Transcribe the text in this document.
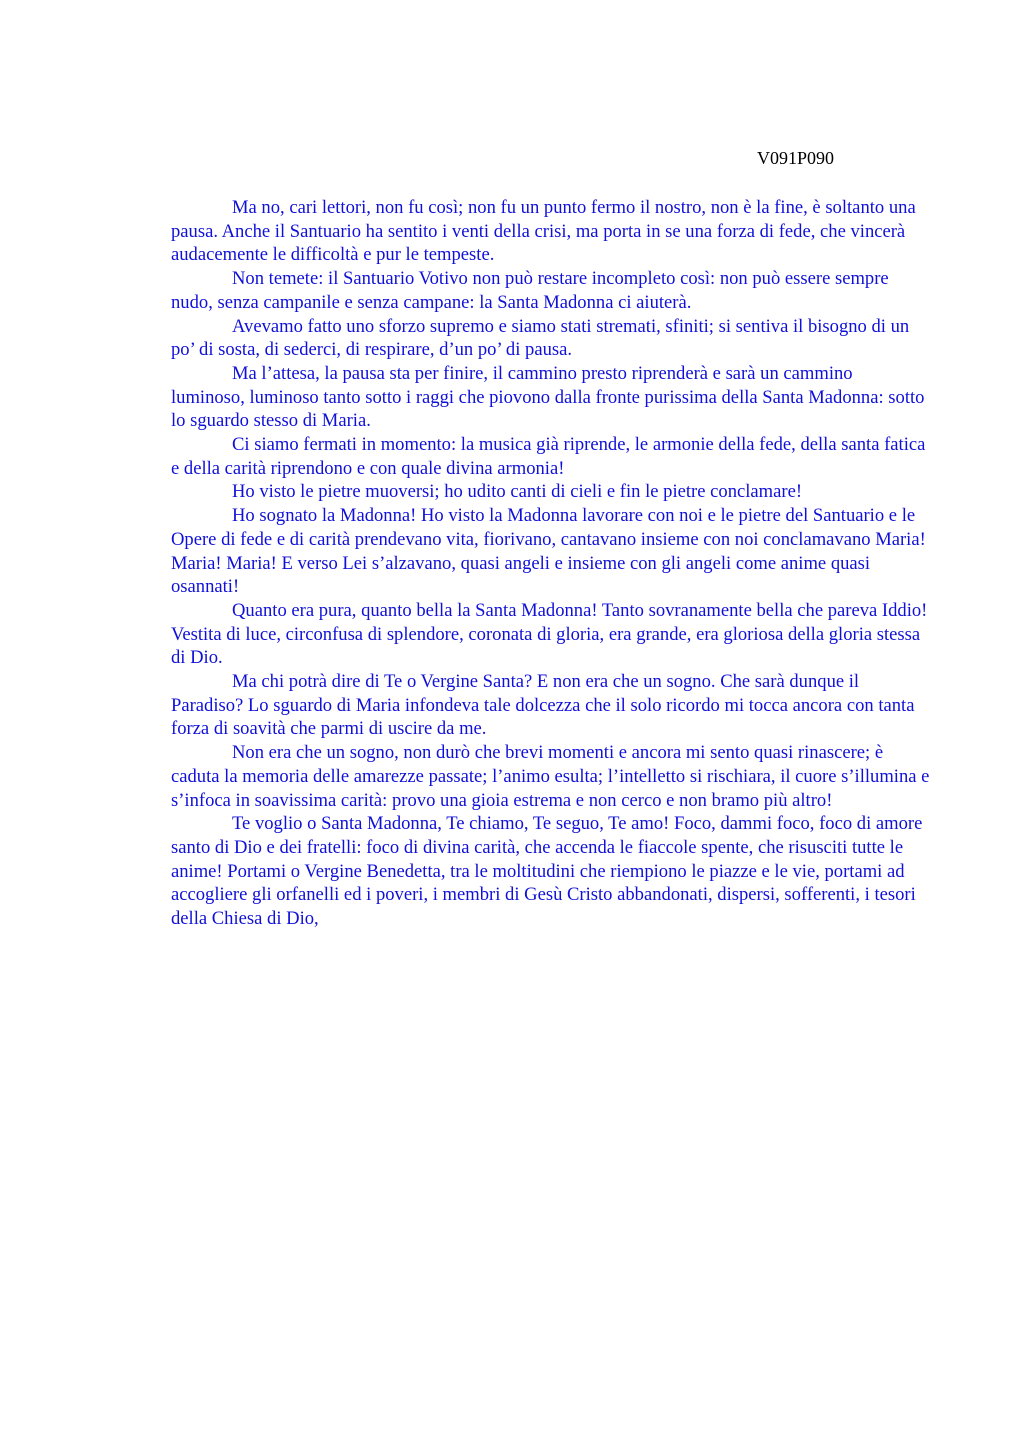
V091P090

Ma no, cari lettori, non fu così; non fu un punto fermo il nostro, non è la fine, è soltanto una pausa. Anche il Santuario ha sentito i venti della crisi, ma porta in se una forza di fede, che vincerà audacemente le difficoltà e pur le tempeste.

Non temete: il Santuario Votivo non può restare incompleto così: non può essere sempre nudo, senza campanile e senza campane: la Santa Madonna ci aiuterà.

Avevamo fatto uno sforzo supremo e siamo stati stremati, sfiniti; si sentiva il bisogno di un po’ di sosta, di sederci, di respirare, d’un po’ di pausa.

Ma l’attesa, la pausa sta per finire, il cammino presto riprenderà e sarà un cammino luminoso, luminoso tanto sotto i raggi che piovono dalla fronte purissima della Santa Madonna: sotto lo sguardo stesso di Maria.

Ci siamo fermati in momento: la musica già riprende, le armonie della fede, della santa fatica e della carità riprendono e con quale divina armonia!

Ho visto le pietre muoversi; ho udito canti di cieli e fin le pietre conclamare!

Ho sognato la Madonna! Ho visto la Madonna lavorare con noi e le pietre del Santuario e le Opere di fede e di carità prendevano vita, fiorivano, cantavano insieme con noi conclamavano Maria! Maria! Maria! E verso Lei s’alzavano, quasi angeli e insieme con gli angeli come anime quasi osannati!

Quanto era pura, quanto bella la Santa Madonna! Tanto sovranamente bella che pareva Iddio! Vestita di luce, circonfusa di splendore, coronata di gloria, era grande, era gloriosa della gloria stessa di Dio.

Ma chi potrà dire di Te o Vergine Santa? E non era che un sogno. Che sarà dunque il Paradiso? Lo sguardo di Maria infondeva tale dolcezza che il solo ricordo mi tocca ancora con tanta forza di soavità che parmi di uscire da me.

Non era che un sogno, non durò che brevi momenti e ancora mi sento quasi rinascere; è caduta la memoria delle amarezze passate; l’animo esulta; l’intelletto si rischiara, il cuore s’illumina e s’infoca in soavissima carità: provo una gioia estrema e non cerco e non bramo più altro!

Te voglio o Santa Madonna, Te chiamo, Te seguo, Te amo! Foco, dammi foco, foco di amore santo di Dio e dei fratelli: foco di divina carità, che accenda le fiaccole spente, che risusciti tutte le anime! Portami o Vergine Benedetta, tra le moltitudini che riempiono le piazze e le vie, portami ad accogliere gli orfanelli ed i poveri, i membri di Gesù Cristo abbandonati, dispersi, sofferenti, i tesori della Chiesa di Dio,
